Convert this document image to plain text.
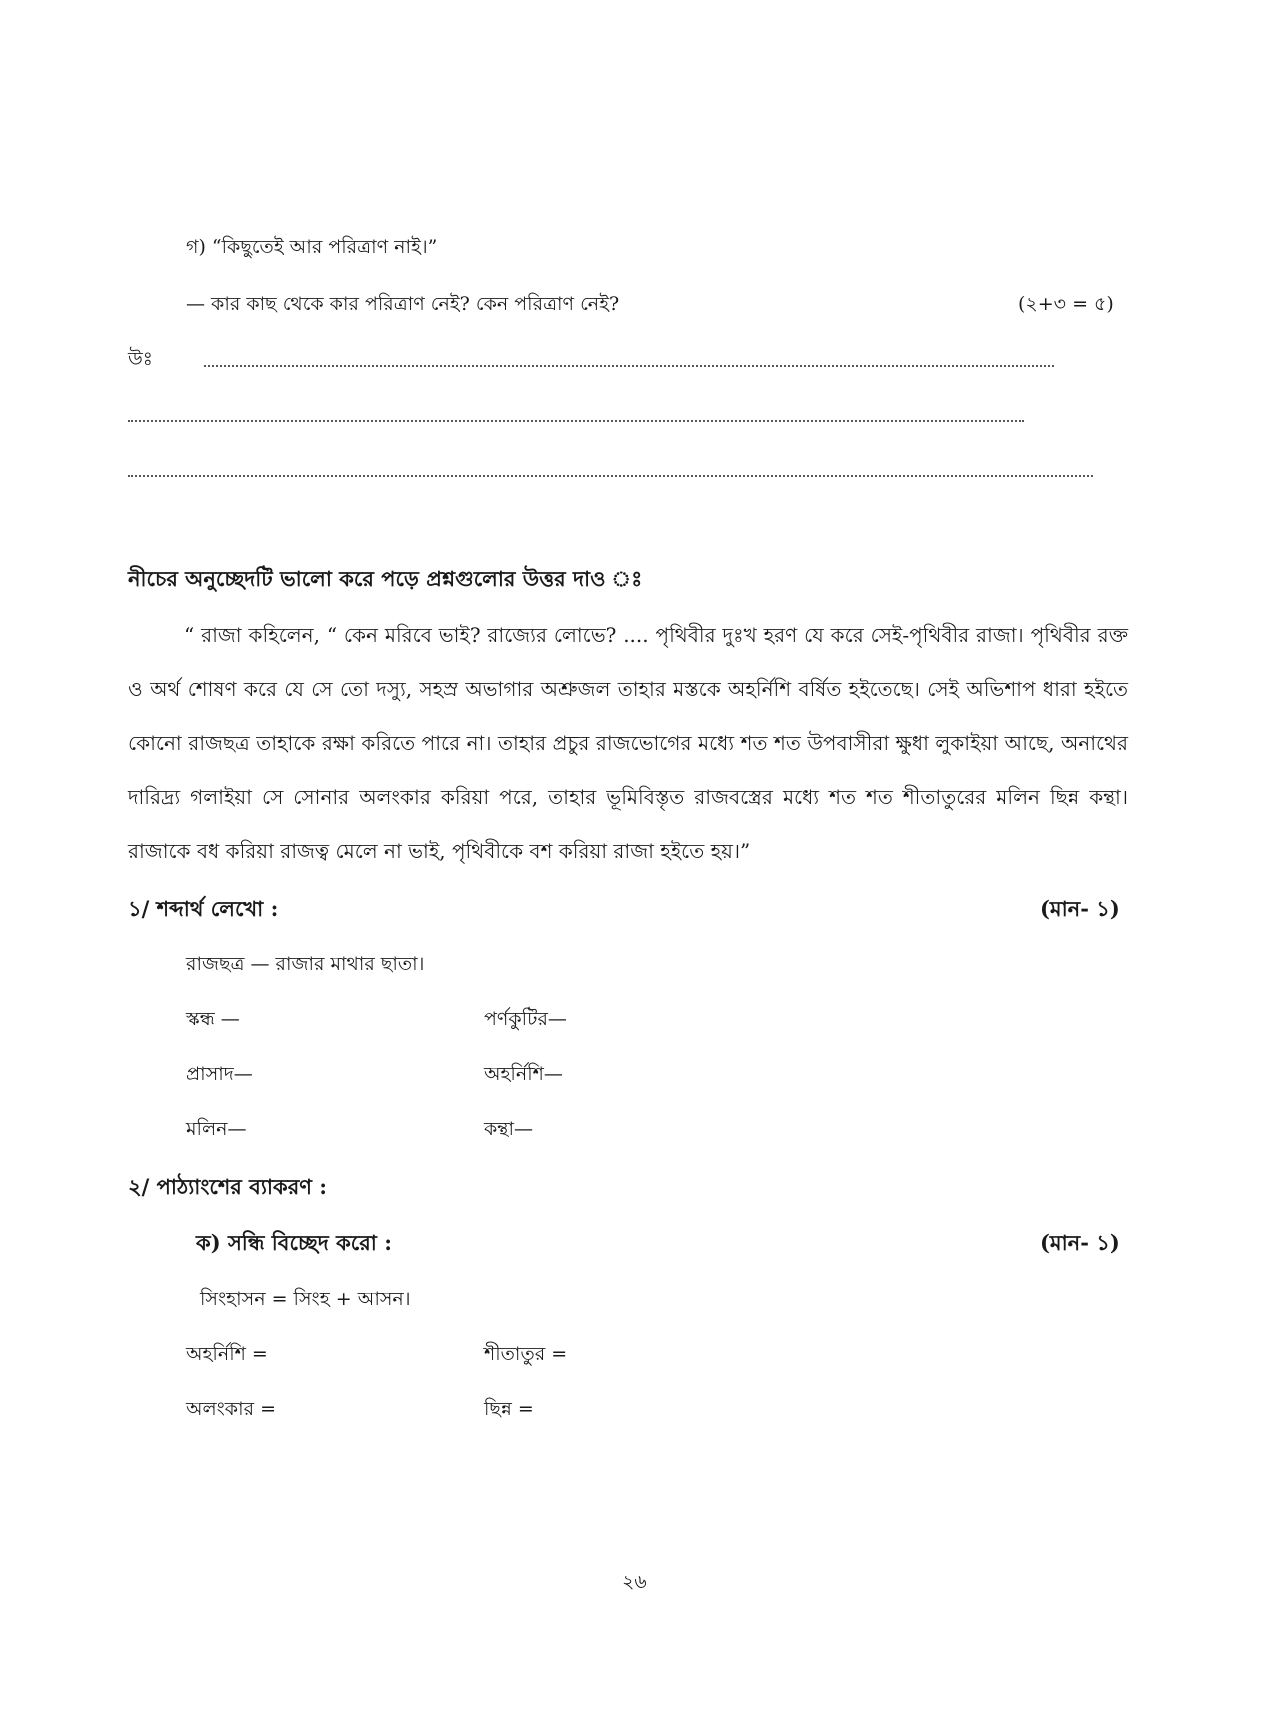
গ) “কিছুতেই আর পরিত্রাণ নাই।”
— কার কাছ থেকে কার পরিত্রাণ নেই? কেন পরিত্রাণ নেই?	(২+৩ = ৫)
উঃ
নীচের অনুচ্ছেদটি ভালো করে পড়ে প্রশ্নগুলোর উত্তর দাও ঃ
“ রাজা কহিলেন, “ কেন মরিবে ভাই? রাজ্যের লোভে? .... পৃথিবীর দুঃখ হরণ যে করে সেই-পৃথিবীর রাজা। পৃথিবীর রক্ত ও অর্থ শোষণ করে যে সে তো দস্যু, সহস্র অভাগার অশ্রুজল তাহার মস্তকে অহর্নিশি বর্ষিত হইতেছে। সেই অভিশাপ ধারা হইতে কোনো রাজছত্র তাহাকে রক্ষা করিতে পারে না। তাহার প্রচুর রাজভোগের মধ্যে শত শত উপবাসীরা ক্ষুধা লুকাইয়া আছে, অনাথের দারিদ্র্য গলাইয়া সে সোনার অলংকার করিয়া পরে, তাহার ভূমিবিস্তৃত রাজবস্ত্রের মধ্যে শত শত শীতাতুরের মলিন ছিন্ন কন্থা। রাজাকে বধ করিয়া রাজত্ব মেলে না ভাই, পৃথিবীকে বশ করিয়া রাজা হইতে হয়।”
১/ শব্দার্থ লেখো :	(মান- ১)
রাজছত্র — রাজার মাথার ছাতা।
স্কন্ধ —	পর্ণকুটির—
প্রাসাদ—	অহর্নিশি—
মলিন—	কন্থা—
২/ পাঠ্যাংশের ব্যাকরণ :
ক) সন্ধি বিচ্ছেদ করো :	(মান- ১)
সিংহাসন = সিংহ + আসন।
অহর্নিশি =	শীতাতুর =
অলংকার =	ছিন্ন =
২৬
